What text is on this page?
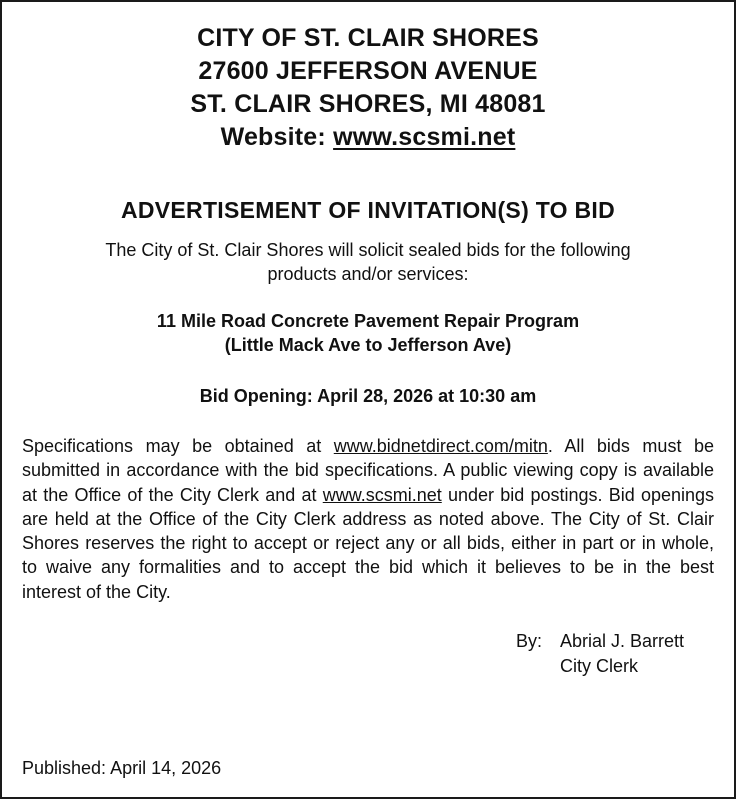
CITY OF ST. CLAIR SHORES
27600 JEFFERSON AVENUE
ST. CLAIR SHORES, MI 48081
Website: www.scsmi.net
ADVERTISEMENT OF INVITATION(S) TO BID
The City of St. Clair Shores will solicit sealed bids for the following
products and/or services:
11 Mile Road Concrete Pavement Repair Program
(Little Mack Ave to Jefferson Ave)
Bid Opening: April 28, 2026 at 10:30 am
Specifications may be obtained at www.bidnetdirect.com/mitn. All bids must be submitted in accordance with the bid specifications. A public viewing copy is available at the Office of the City Clerk and at www.scsmi.net under bid postings. Bid openings are held at the Office of the City Clerk address as noted above. The City of St. Clair Shores reserves the right to accept or reject any or all bids, either in part or in whole, to waive any formalities and to accept the bid which it believes to be in the best interest of the City.
By: Abrial J. Barrett
City Clerk
Published: April 14, 2026
